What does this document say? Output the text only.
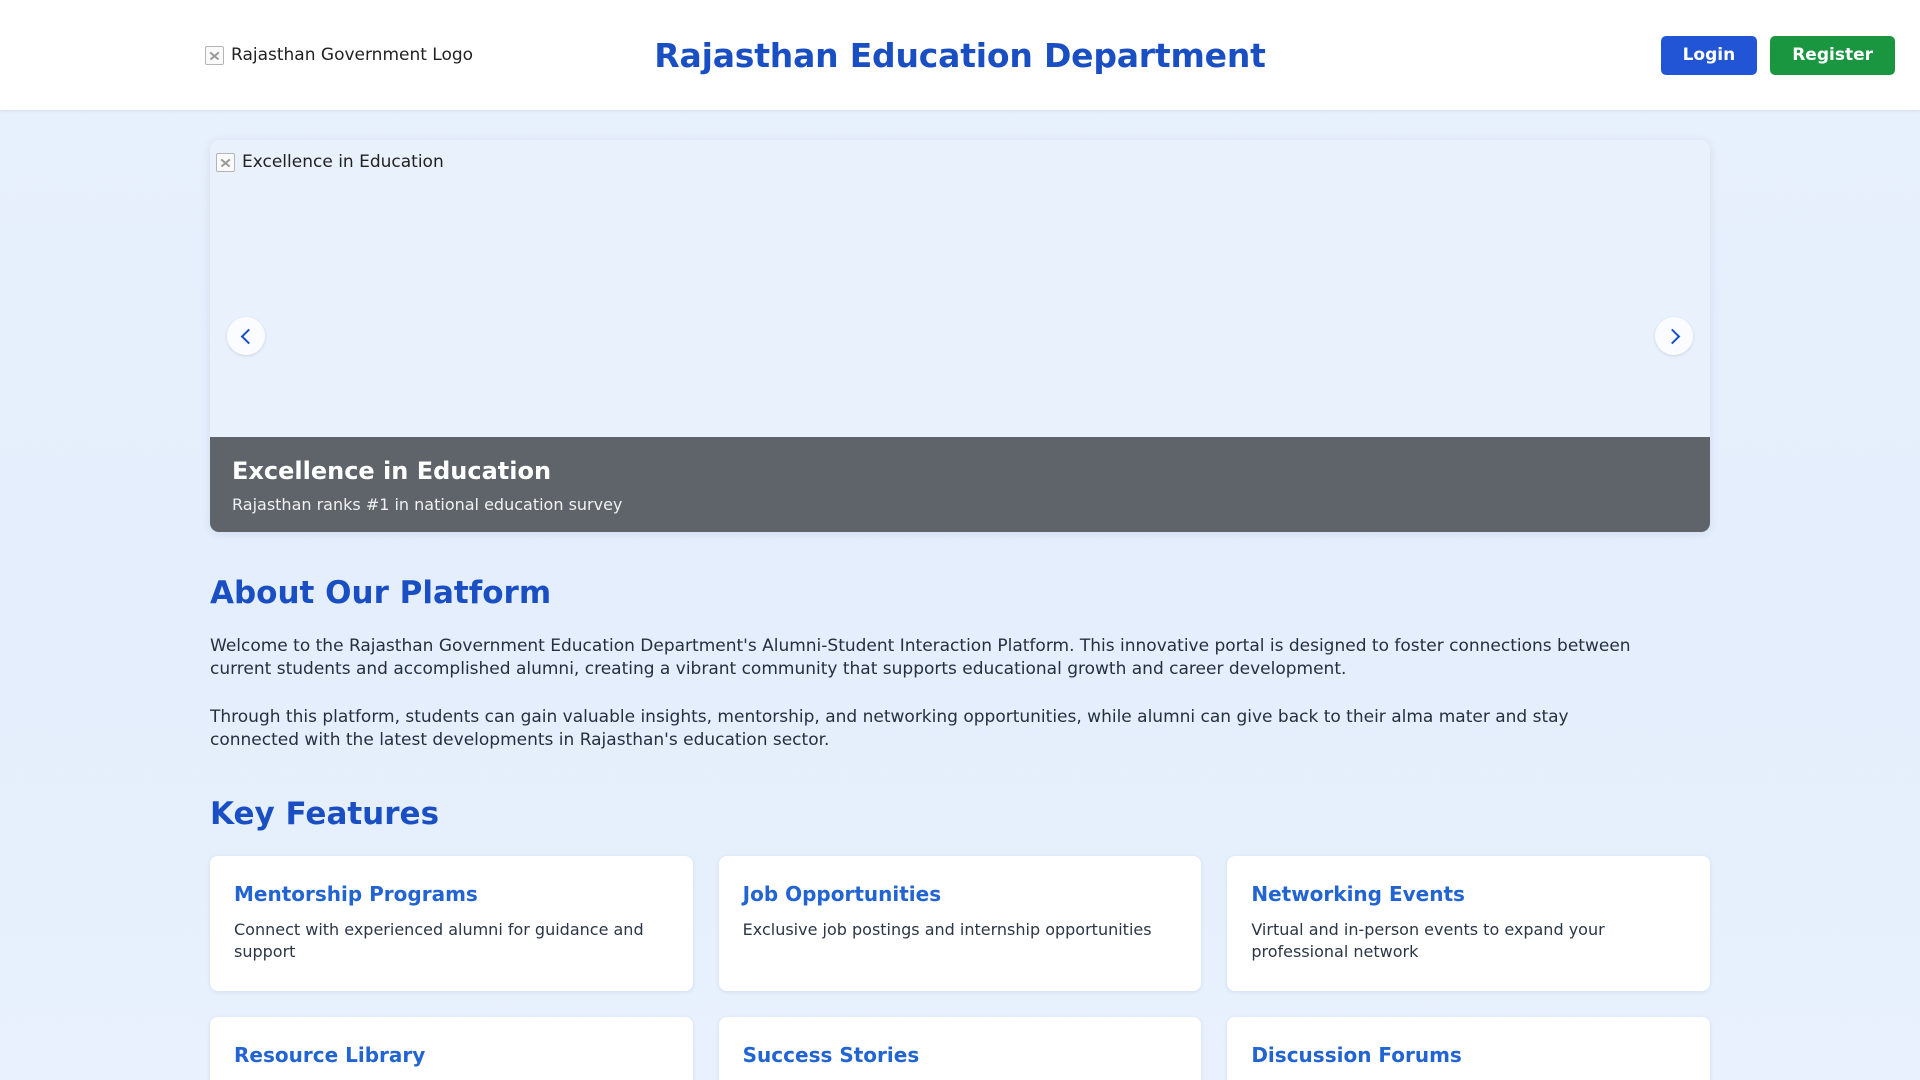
Rajasthan Government Logo	Rajasthan Education Department	Login	Register
Excellence in Education
Excellence in Education

Rajasthan ranks #1 in national education survey

About Our Platform

Welcome to the Rajasthan Government Education Department's Alumni-Student Interaction Platform. This innovative portal is designed to foster connections between current students and accomplished alumni, creating a vibrant community that supports educational growth and career development.

Through this platform, students can gain valuable insights, mentorship, and networking opportunities, while alumni can give back to their alma mater and stay connected with the latest developments in Rajasthan's education sector.

Key Features
Mentorship Programs

Connect with experienced alumni for guidance and support

Job Opportunities

Exclusive job postings and internship opportunities

Networking Events

Virtual and in-person events to expand your professional network

Resource Library	Success Stories	Discussion Forums
